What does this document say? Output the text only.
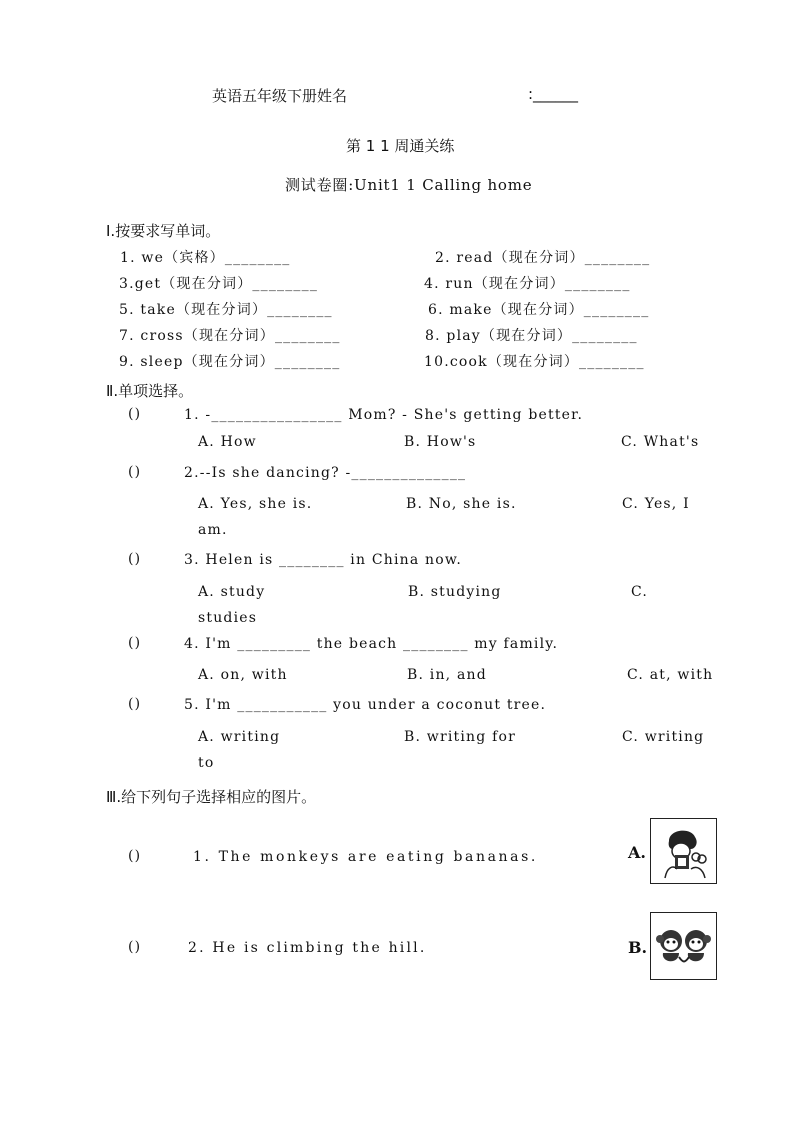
英语五年级下册姓名	:______
第 1 1 周通关练
测试卷圈:Unit1 1 Calling home
Ⅰ.按要求写单词。
1. we（宾格）________	2. read（现在分词）________
3.get（现在分词）________	4. run（现在分词）________
5. take（现在分词）________	6. make（现在分词）________
7. cross（现在分词）________	8. play（现在分词）________
9. sleep（现在分词）________	10.cook（现在分词）________
Ⅱ.单项选择。
()	1. -________________ Mom? - She's getting better.
A. How	B. How's	C. What's
()	2.--Is she dancing? -______________
A. Yes, she is.	B. No, she is.	C. Yes, I
am.
()	3. Helen is ________ in China now.
A. study	B. studying	C.
studies
()	4. I'm _________ the beach ________ my family.
A. on, with	B. in, and	C. at, with
()	5. I'm ___________ you under a coconut tree.
A. writing	B. writing for	C. writing
to
Ⅲ.给下列句子选择相应的图片。
()	1. The monkeys are eating bananas.	A.
()	2. He is climbing the hill.	B.
